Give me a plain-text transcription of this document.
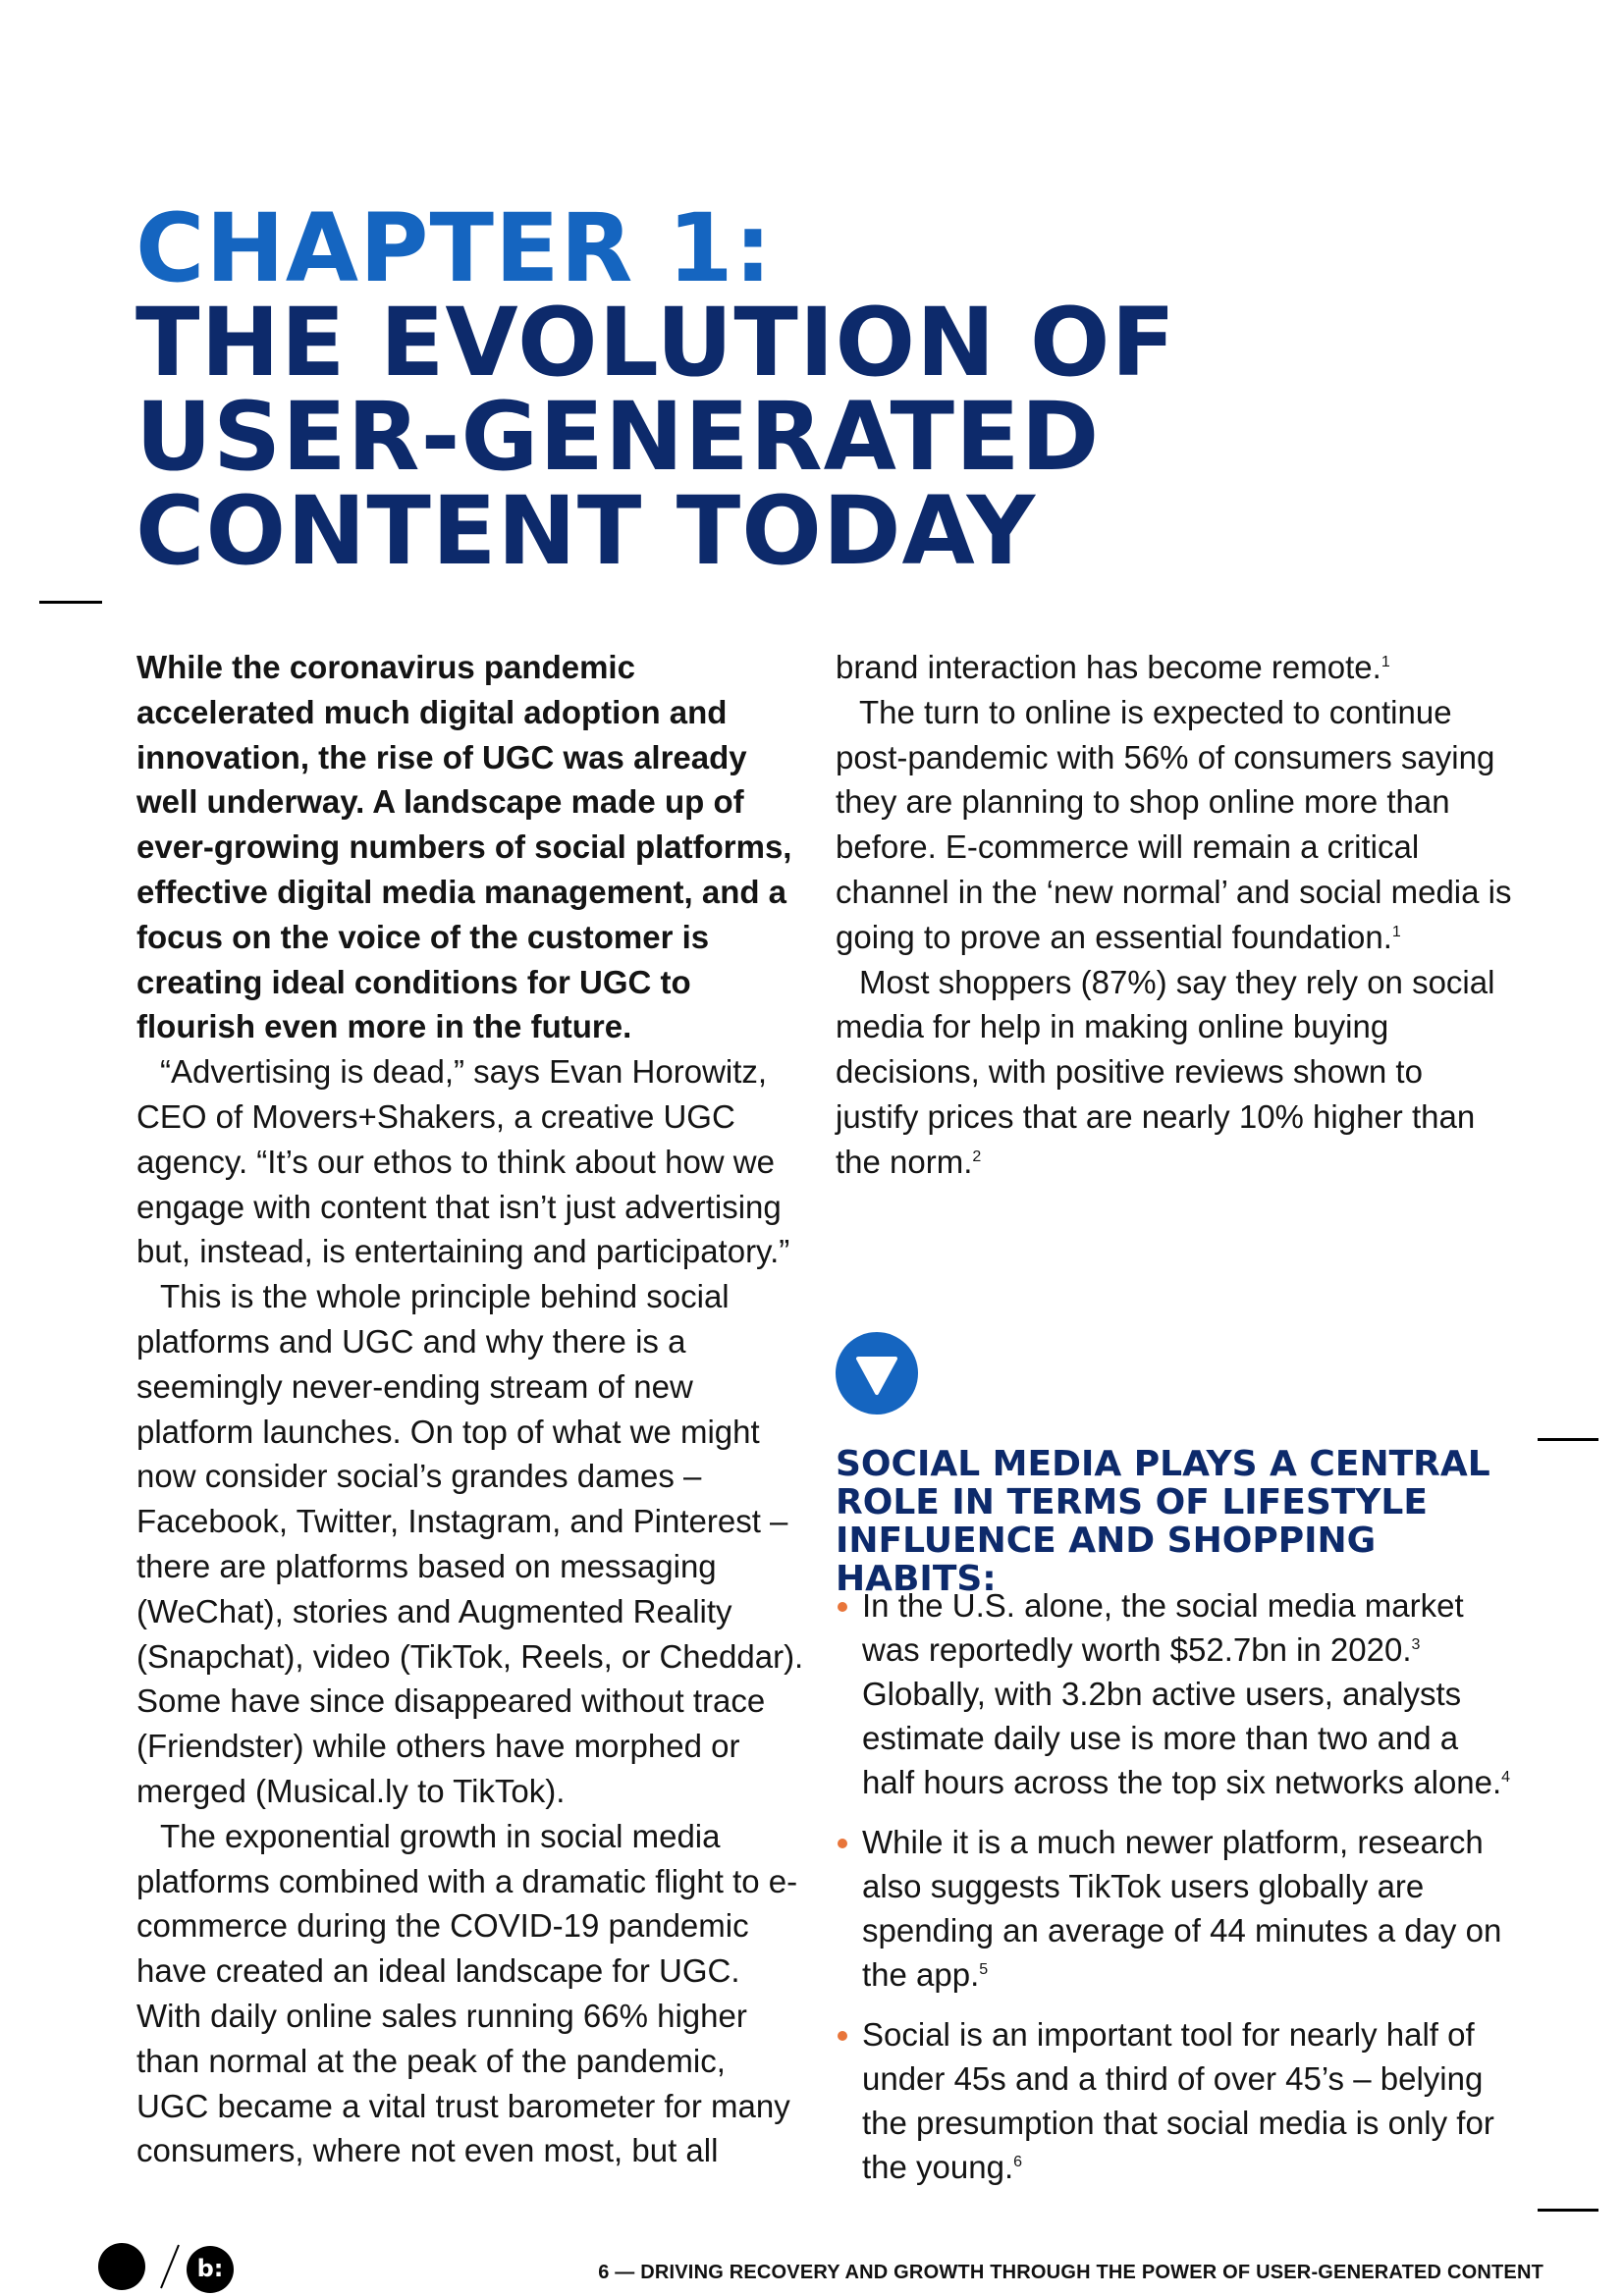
CHAPTER 1:
THE EVOLUTION OF
USER-GENERATED
CONTENT TODAY

While the coronavirus pandemic accelerated much digital adoption and innovation, the rise of UGC was already well underway. A landscape made up of ever-growing numbers of social platforms, effective digital media management, and a focus on the voice of the customer is creating ideal conditions for UGC to flourish even more in the future.

“Advertising is dead,” says Evan Horowitz, CEO of Movers+Shakers, a creative UGC agency. “It’s our ethos to think about how we engage with content that isn’t just advertising but, instead, is entertaining and participatory.”

This is the whole principle behind social platforms and UGC and why there is a seemingly never-ending stream of new platform launches. On top of what we might now consider social’s grandes dames – Facebook, Twitter, Instagram, and Pinterest – there are platforms based on messaging (WeChat), stories and Augmented Reality (Snapchat), video (TikTok, Reels, or Cheddar). Some have since disappeared without trace (Friendster) while others have morphed or merged (Musical.ly to TikTok).

The exponential growth in social media platforms combined with a dramatic flight to e-commerce during the COVID-19 pandemic have created an ideal landscape for UGC. With daily online sales running 66% higher than normal at the peak of the pandemic, UGC became a vital trust barometer for many consumers, where not even most, but all

brand interaction has become remote.$^1$

The turn to online is expected to continue post-pandemic with 56% of consumers saying they are planning to shop online more than before. E-commerce will remain a critical channel in the ‘new normal’ and social media is going to prove an essential foundation.$^1$

Most shoppers (87%) say they rely on social media for help in making online buying decisions, with positive reviews shown to justify prices that are nearly 10% higher than the norm.$^2$

SOCIAL MEDIA PLAYS A CENTRAL ROLE IN TERMS OF LIFESTYLE INFLUENCE AND SHOPPING HABITS:
In the U.S. alone, the social media market was reportedly worth $52.7bn in 2020.$^3$ Globally, with 3.2bn active users, analysts estimate daily use is more than two and a half hours across the top six networks alone.$^4$
While it is a much newer platform, research also suggests TikTok users globally are spending an average of 44 minutes a day on the app.$^5$
Social is an important tool for nearly half of under 45s and a third of over 45’s – belying the presumption that social media is only for the young.$^6$
b:	6 — DRIVING RECOVERY AND GROWTH THROUGH THE POWER OF USER-GENERATED CONTENT
